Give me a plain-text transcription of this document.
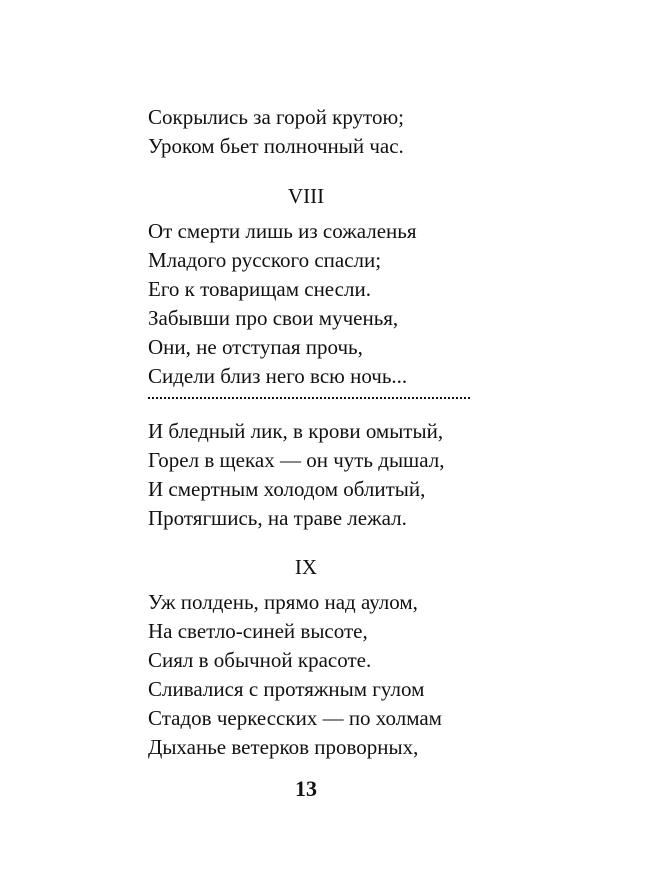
Сокрылись за горой крутою;
Уроком бьет полночный час.
VIII
От смерти лишь из сожаленья
Младого русского спасли;
Его к товарищам снесли.
Забывши про свои мученья,
Они, не отступая прочь,
Сидели близ него всю ночь...
И бледный лик, в крови омытый,
Горел в щеках — он чуть дышал,
И смертным холодом облитый,
Протягшись, на траве лежал.
IX
Уж полдень, прямо над аулом,
На светло-синей высоте,
Сиял в обычной красоте.
Сливалися с протяжным гулом
Стадов черкесских — по холмам
Дыханье ветерков проворных,
13
